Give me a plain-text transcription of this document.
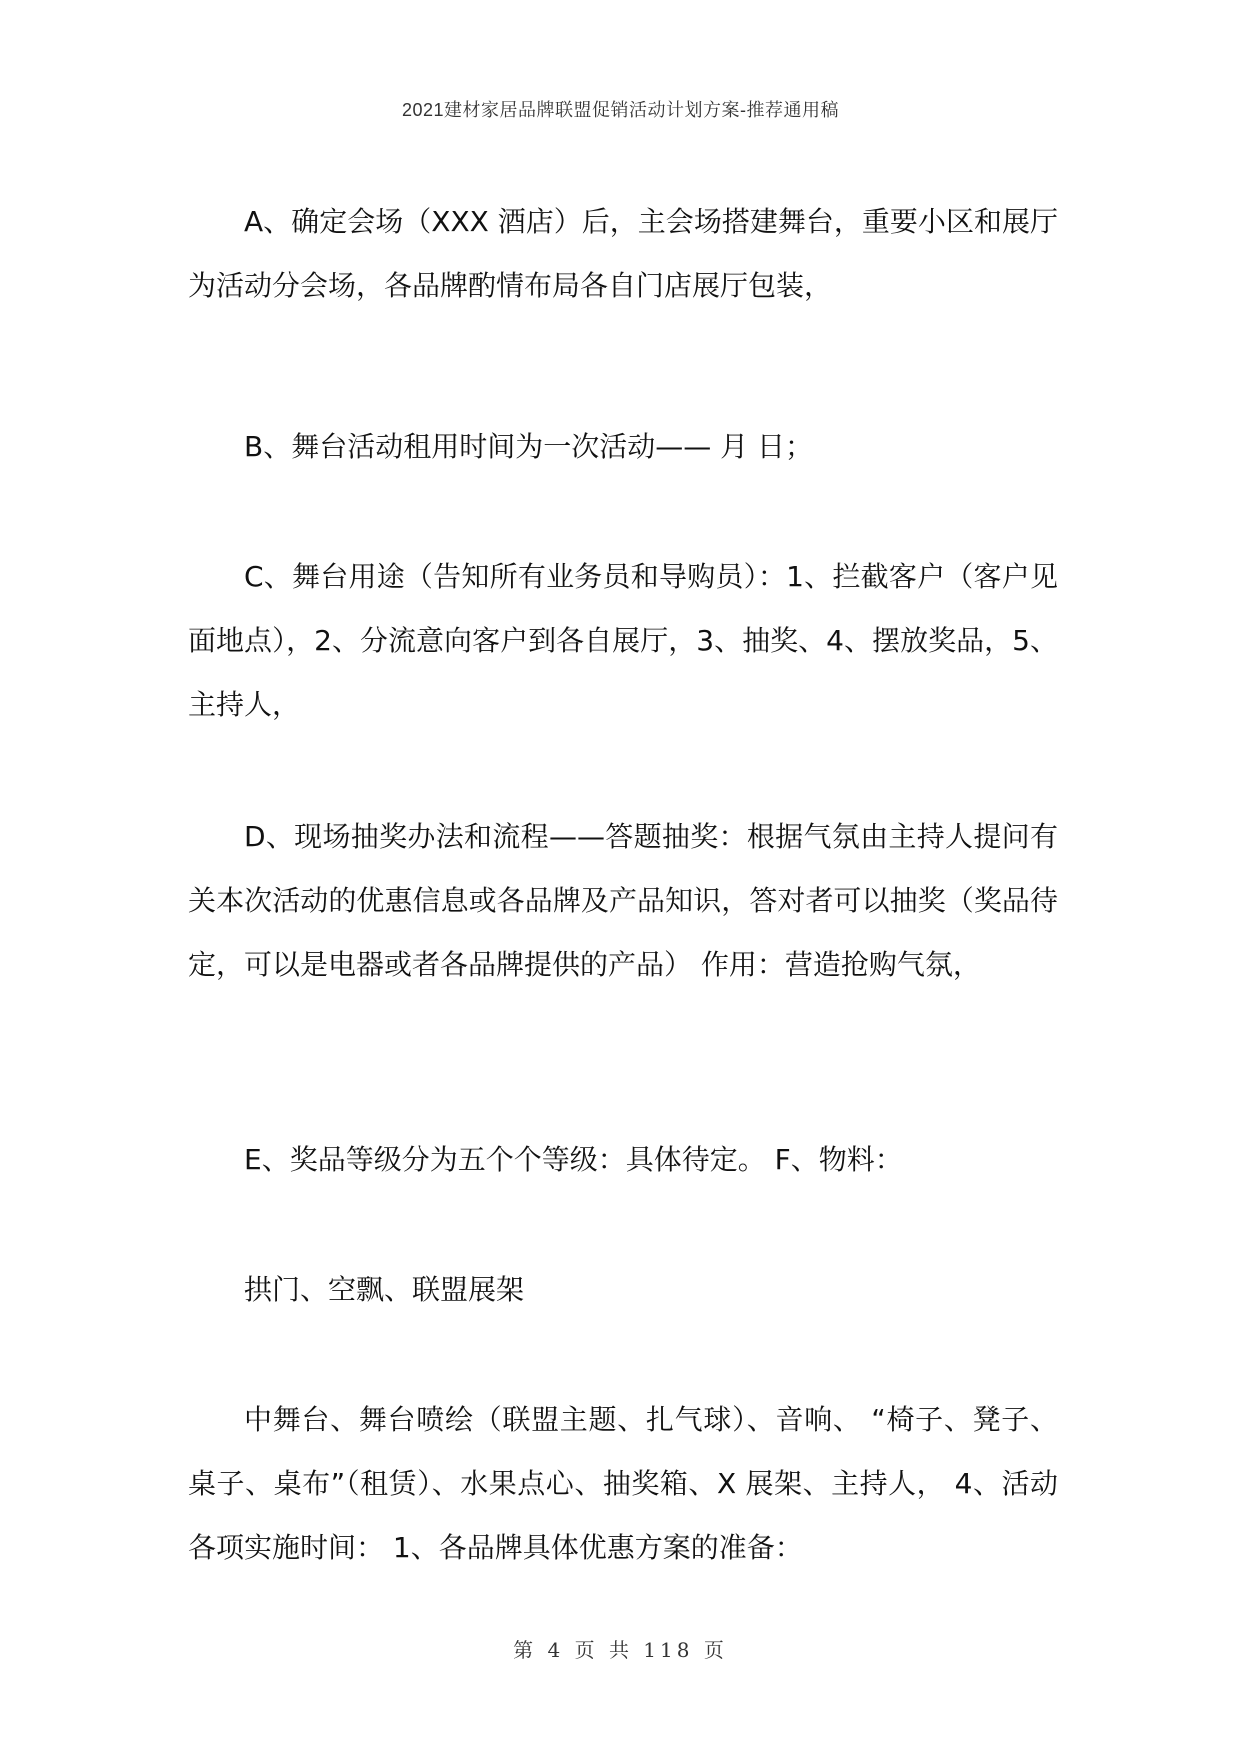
2021建材家居品牌联盟促销活动计划方案-推荐通用稿

A、确定会场（XXX 酒店）后，主会场搭建舞台，重要小区和展厅为活动分会场，各品牌酌情布局各自门店展厅包装，

B、舞台活动租用时间为一次活动—— 月 日；

C、舞台用途（告知所有业务员和导购员）：1、拦截客户（客户见面地点），2、分流意向客户到各自展厅，3、抽奖、4、摆放奖品，5、主持人，

D、现场抽奖办法和流程——答题抽奖：根据气氛由主持人提问有关本次活动的优惠信息或各品牌及产品知识，答对者可以抽奖（奖品待定，可以是电器或者各品牌提供的产品） 作用：营造抢购气氛，

E、奖品等级分为五个个等级：具体待定。 F、物料：

拱门、空飘、联盟展架

中舞台、舞台喷绘（联盟主题、扎气球）、音响、 “椅子、凳子、桌子、桌布”（租赁）、水果点心、抽奖箱、X 展架、主持人， 4、活动各项实施时间： 1、各品牌具体优惠方案的准备：

第 4 页 共 118 页
